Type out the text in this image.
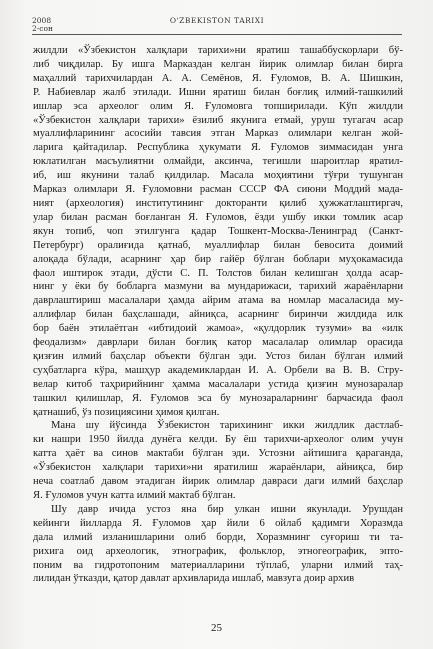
2008
2-сон
O'ZBEKISTON TARIXI
жилдли «Ўзбекистон халқлари тарихи»ни яратиш ташаббускорлари бў-
либ чиқдилар. Бу ишга Марказдан келган йирик олимлар билан бирга
маҳаллий тарихчилардан А. А. Семёнов, Я. Ғуломов, В. А. Шишкин,
Р. Набиевлар жалб этилади. Ишни яратиш билан боғлиқ илмий-ташкилий
ишлар эса археолог олим Я. Ғуломовга топширилади. Кўп жилдли
«Ўзбекистон халқлари тарихи» ёзилиб якунига етмай, уруш тугагач асар
муаллифларининг асосийи тавсия этган Марказ олимлари келган жой-
ларига қайтадилар. Республика ҳукумати Я. Ғуломов зиммасидан унга
юклатилган масъулиятни олмайди, аксинча, тегишли шароитлар яратил-
иб, иш якунини талаб қилдилар. Масала моҳиятини тўғри тушунган
Марказ олимлари Я. Ғуломовни расман СССР ФА сиюни Моддий мада-
ният (археология) институтининг докторанти қилиб ҳужжатлаштиргач,
улар билан расман боғланган Я. Ғуломов, ёзди ушбу икки томлик асар
якун топиб, чоп этилгунга қадар Тошкент-Москва-Ленинград (Санкт-
Петербург) оралиғида қатнаб, муаллифлар билан бевосита доимий
алоқада бўлади, асарнинг ҳар бир гайёр бўлган боблари муҳокамасида
фаол иштирок этади, дўсти С. П. Толстов билан келишган ҳолда асар-
нинг у ёки бу бобларга мазмуни ва мундарижаси, тарихий жараёнларни
даврлаштириш масалалари ҳамда айрим атама ва номлар масаласида му-
аллифлар билан баҳслашади, айниқса, асарнинг биринчи жилдида илк
бор баён этилаётган «ибтидоий жамоа», «қулдорлик тузуми» ва «илк
феодализм» даврлари билан боғлиқ катор масалалар олимлар орасида
қизғин илмий баҳслар объекти бўлган эди. Устоз билан бўлган илмий
суҳбатларга кўра, машҳур академиклардан И. А. Орбели ва В. В. Стру-
велар китоб таҳририйнинг ҳамма масалалари устида қизғин мунозаралар
ташкил қилишлар, Я. Ғуломов эса бу мунозараларнинг барчасида фаол
қатнашиб, ўз позициясини ҳимоя қилган.
Мана шу йўсинда Ўзбекистон тарихининг икки жилдлик дастлаб-
ки нашри 1950 йилда дунёга келди. Бу ёш тарихчи-археолог олим учун
катта ҳаёт ва синов мактаби бўлган эди. Устозни айтишига қараганда,
«Ўзбекистон халқлари тарихи»ни яратилиш жараёнлари, айниқса, бир
неча соатлаб давом этадиган йирик олимлар давраси даги илмий баҳслар
Я. Ғуломов учун катта илмий мактаб бўлган.
Шу давр ичида устоз яна бир улкан ишни якунлади. Урушдан
кейинги йилларда Я. Ғуломов ҳар йили 6 ойлаб қадимги Хоразмда
дала илмий изланишларини олиб борди, Хоразмнинг суғориш ти та-
рихига оид археологик, этнографик, фольклор, этногеографик, эпто-
поним ва гидротопоним материалларини тўплаб, уларни илмий таҳ-
лилидан ўтказди, қатор давлат архивларида ишлаб, мавзуга доир архив
25
